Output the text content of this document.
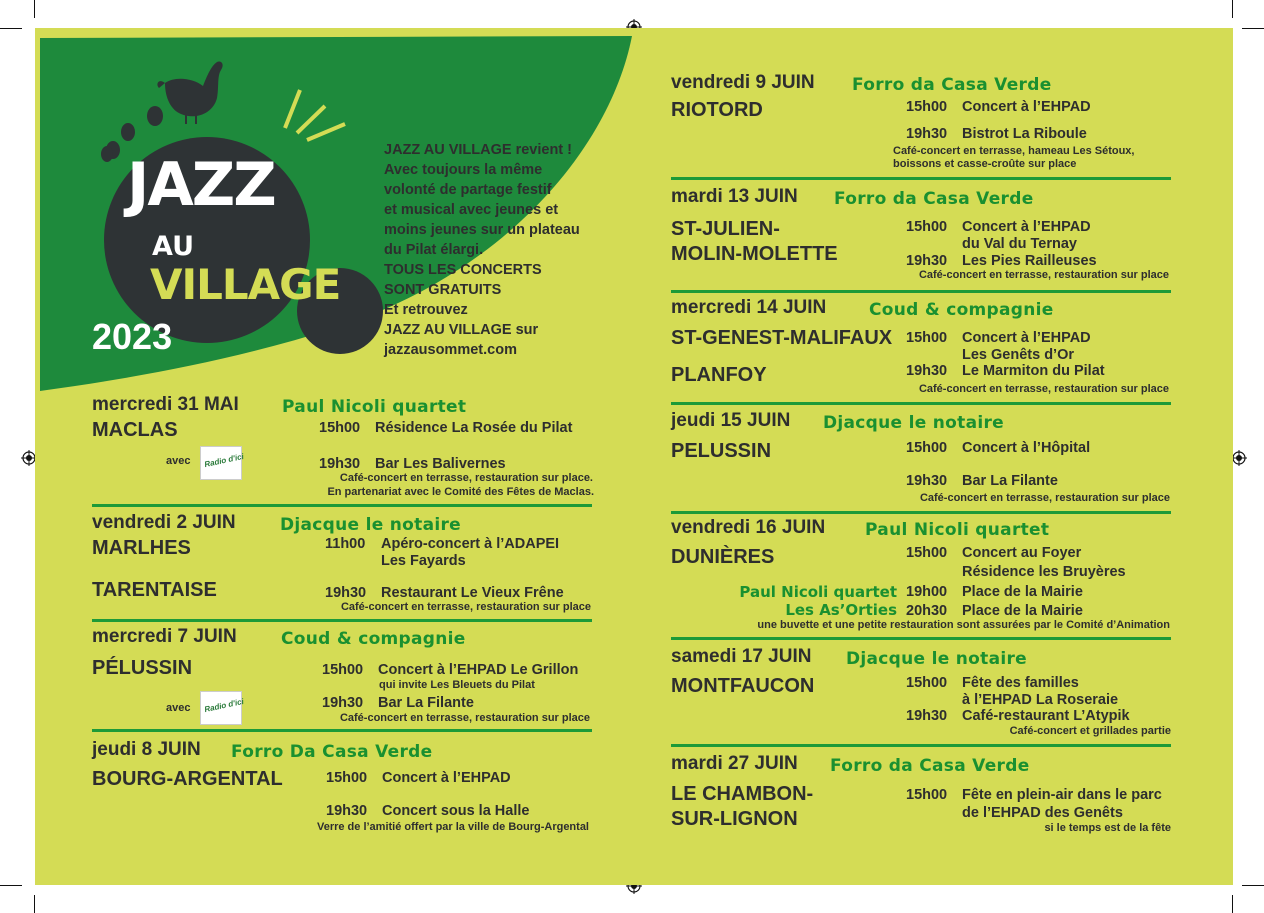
JAZZ
AU
VILLAGE
2023
JAZZ AU VILLAGE revient !
Avec toujours la même
volonté de partage festif
et musical avec jeunes et
moins jeunes sur un plateau
du Pilat élargi.
TOUS LES CONCERTS
SONT GRATUITS
Et retrouvez
JAZZ AU VILLAGE sur
jazzausommet.com
mercredi 31 MAI	Paul Nicoli quartet
MACLAS	15h00 Résidence La Rosée du Pilat
avec Radio d'ici	19h30 Bar Les Balivernes
Café-concert en terrasse, restauration sur place.
En partenariat avec le Comité des Fêtes de Maclas.
vendredi 2 JUIN	Djacque le notaire
MARLHES	11h00 Apéro-concert à l’ADAPEI
Les Fayards
TARENTAISE	19h30 Restaurant Le Vieux Frêne
Café-concert en terrasse, restauration sur place
mercredi 7 JUIN	Coud & compagnie
PÉLUSSIN	15h00 Concert à l’EHPAD Le Grillon
qui invite Les Bleuets du Pilat
avec Radio d'ici	19h30 Bar La Filante
Café-concert en terrasse, restauration sur place
jeudi 8 JUIN Forro Da Casa Verde
BOURG-ARGENTAL	15h00 Concert à l’EHPAD
19h30 Concert sous la Halle
Verre de l’amitié offert par la ville de Bourg-Argental
vendredi 9 JUIN Forro da Casa Verde
RIOTORD	15h00 Concert à l’EHPAD
19h30 Bistrot La Riboule
Café-concert en terrasse, hameau Les Sétoux,
boissons et casse-croûte sur place
mardi 13 JUIN Forro da Casa Verde
ST-JULIEN-
MOLIN-MOLETTE
15h00 Concert à l’EHPAD
du Val du Ternay
19h30 Les Pies Railleuses
Café-concert en terrasse, restauration sur place
mercredi 14 JUIN	Coud & compagnie
ST-GENEST-MALIFAUX 15h00 Concert à l’EHPAD
Les Genêts d’Or
PLANFOY	19h30 Le Marmiton du Pilat
Café-concert en terrasse, restauration sur place
jeudi 15 JUIN Djacque le notaire
PELUSSIN	15h00 Concert à l’Hôpital
19h30 Bar La Filante
Café-concert en terrasse, restauration sur place
vendredi 16 JUIN Paul Nicoli quartet
DUNIÈRES	15h00 Concert au Foyer
Résidence les Bruyères
Paul Nicoli quartet 19h00 Place de la Mairie
Les As’Orties 20h30 Place de la Mairie
une buvette et une petite restauration sont assurées par le Comité d’Animation
samedi 17 JUIN Djacque le notaire
MONTFAUCON	15h00 Fête des familles
à l’EHPAD La Roseraie
19h30 Café-restaurant L’Atypik
Café-concert et grillades partie
mardi 27 JUIN Forro da Casa Verde
LE CHAMBON-
SUR-LIGNON
15h00 Fête en plein-air dans le parc
de l’EHPAD des Genêts
si le temps est de la fête
